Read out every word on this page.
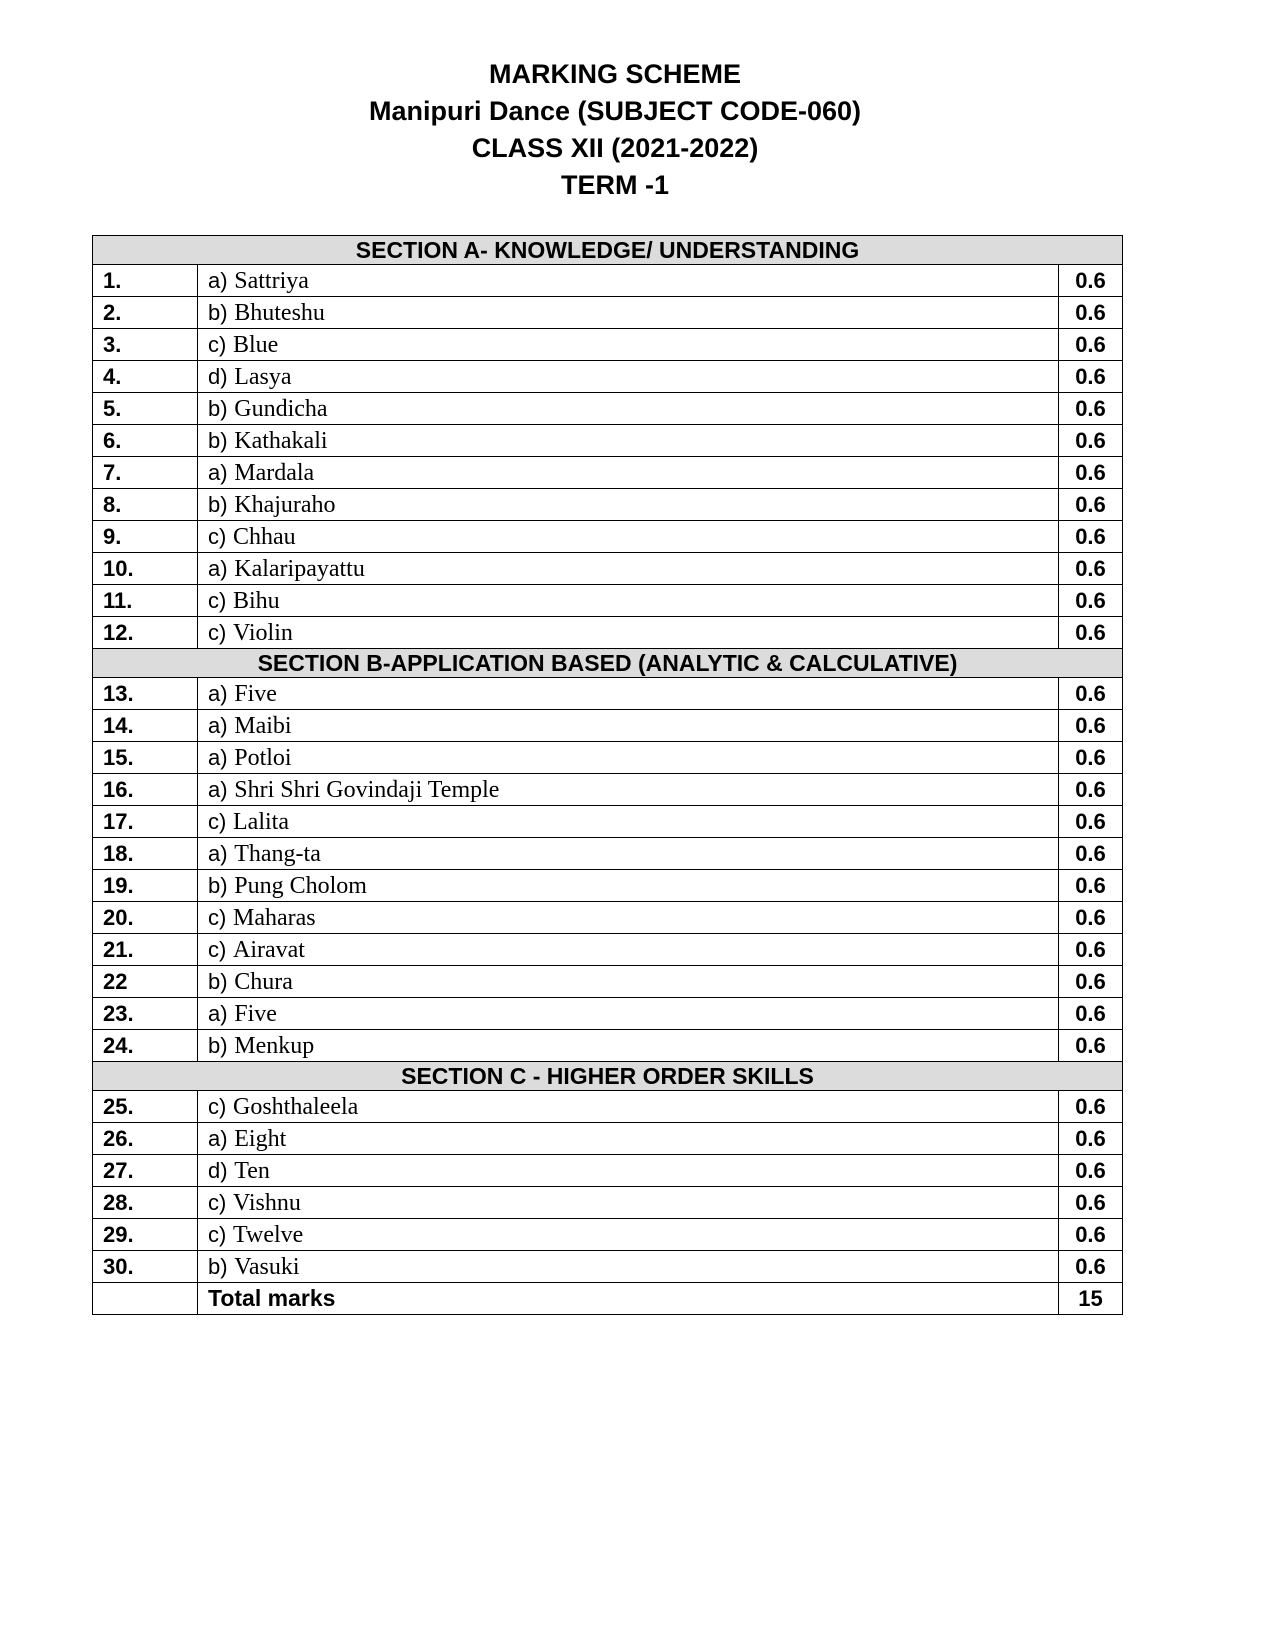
MARKING SCHEME
Manipuri Dance (SUBJECT CODE-060)
CLASS XII (2021-2022)
TERM -1
SECTION A- KNOWLEDGE/ UNDERSTANDING		
1.	a) Sattriya	0.6
2.	b) Bhuteshu	0.6
3.	c) Blue	0.6
4.	d) Lasya	0.6
5.	b) Gundicha	0.6
6.	b) Kathakali	0.6
7.	a) Mardala	0.6
8.	b) Khajuraho	0.6
9.	c) Chhau	0.6
10.	a) Kalaripayattu	0.6
11.	c) Bihu	0.6
12.	c) Violin	0.6
SECTION B-APPLICATION BASED (ANALYTIC & CALCULATIVE)		
13.	a) Five	0.6
14.	a) Maibi	0.6
15.	a) Potloi	0.6
16.	a) Shri Shri Govindaji Temple	0.6
17.	c) Lalita	0.6
18.	a) Thang-ta	0.6
19.	b) Pung Cholom	0.6
20.	c) Maharas	0.6
21.	c) Airavat	0.6
22	b) Chura	0.6
23.	a) Five	0.6
24.	b) Menkup	0.6
SECTION C - HIGHER ORDER SKILLS		
25.	c) Goshthaleela	0.6
26.	a) Eight	0.6
27.	d) Ten	0.6
28.	c) Vishnu	0.6
29.	c) Twelve	0.6
30.	b) Vasuki	0.6
	Total marks	15
